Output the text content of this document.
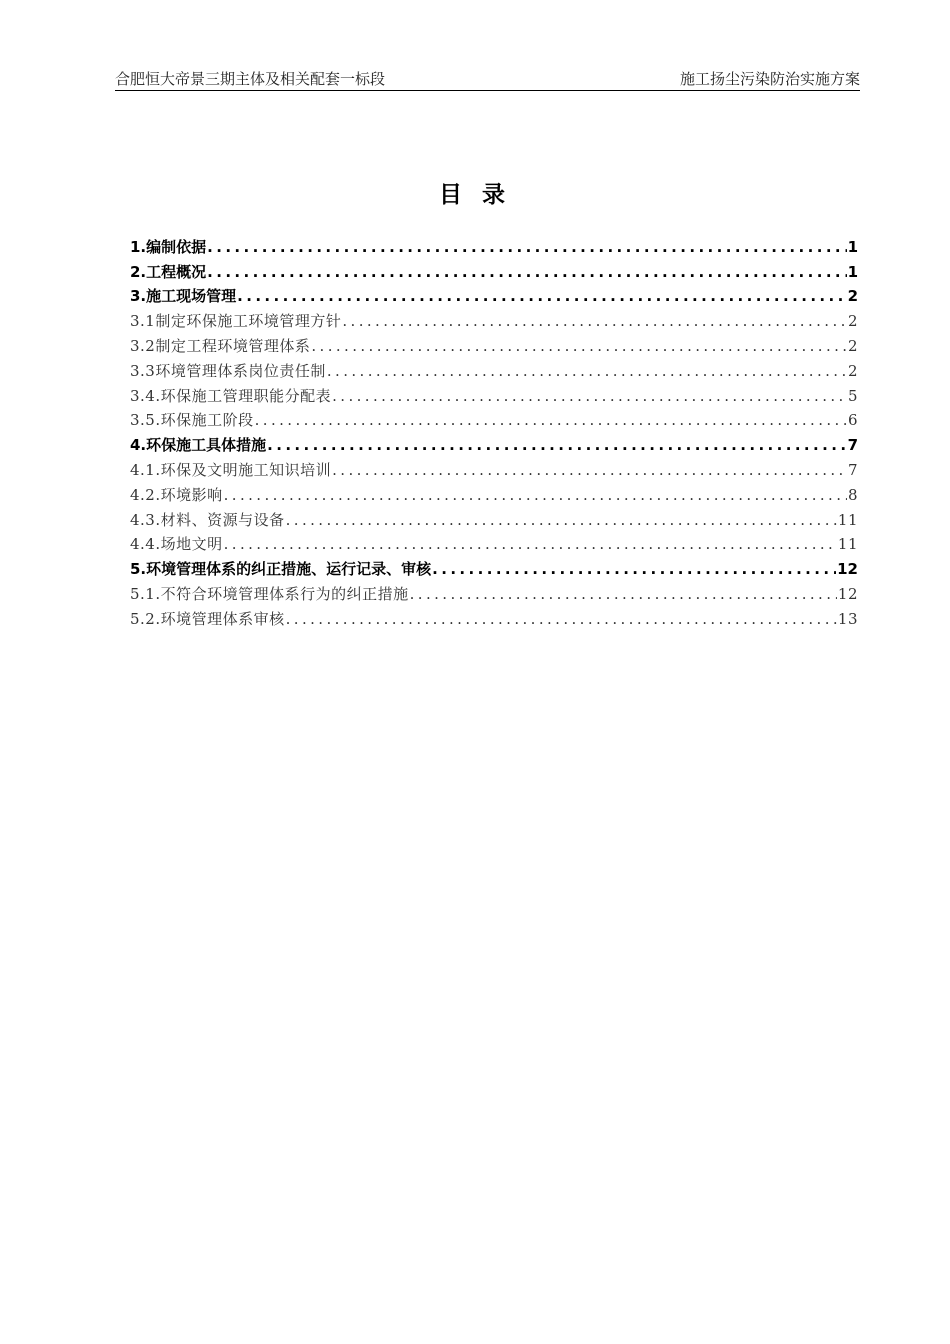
合肥恒大帝景三期主体及相关配套一标段	施工扬尘污染防治实施方案
目 录
1.编制依据 .....	1
2.工程概况 .....	1
3.施工现场管理 .....	2
3.1制定环保施工环境管理方针 .....	2
3.2制定工程环境管理体系 .....	2
3.3环境管理体系岗位责任制 .....	2
3.4.环保施工管理职能分配表 .....	5
3.5.环保施工阶段 .....	6
4.环保施工具体措施 .....	7
4.1.环保及文明施工知识培训 .....	7
4.2.环境影响 .....	8
4.3.材料、资源与设备 .....	11
4.4.场地文明 .....	11
5.环境管理体系的纠正措施、运行记录、审核 .....	12
5.1.不符合环境管理体系行为的纠正措施 .....	12
5.2.环境管理体系审核 .....	13
